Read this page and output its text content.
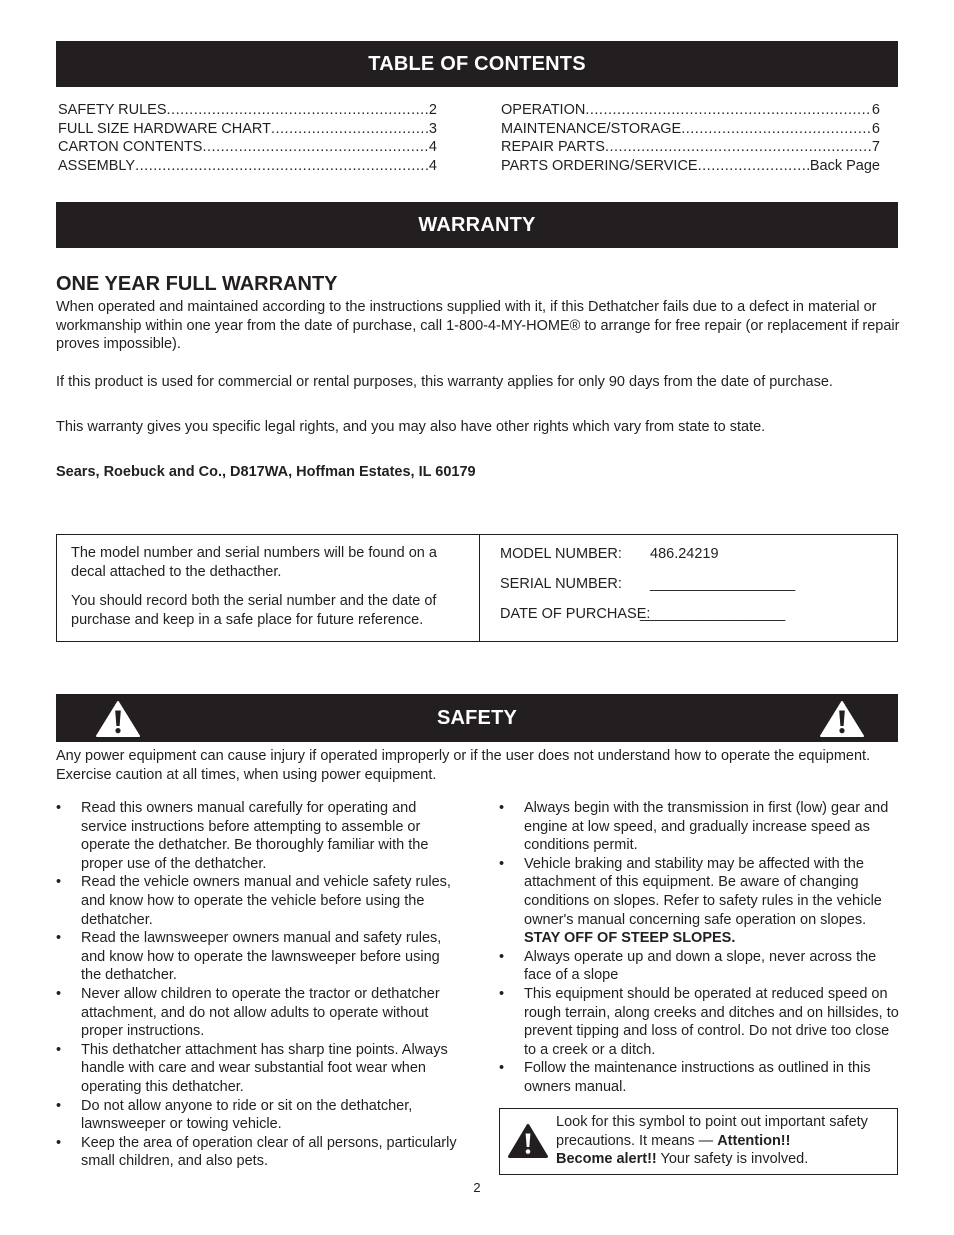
TABLE OF CONTENTS
SAFETY RULES .....	2
FULL SIZE HARDWARE CHART .....	3
CARTON CONTENTS .....	4
ASSEMBLY .....	4
OPERATION .....	6
MAINTENANCE/STORAGE .....	6
REPAIR PARTS .....	7
PARTS ORDERING/SERVICE .....	Back Page
WARRANTY
ONE YEAR FULL WARRANTY
When operated and maintained according to the instructions supplied with it, if this Dethatcher fails due to a defect in material or workmanship within one year from the date of purchase, call 1-800-4-MY-HOME® to arrange for free repair (or replacement if repair proves impossible).
If this product is used for commercial or rental purposes, this warranty applies for only 90 days from the date of purchase.
This warranty gives you specific legal rights, and you may also have other rights which vary from state to state.
Sears, Roebuck and Co., D817WA, Hoffman Estates, IL 60179

The model number and serial numbers will be found on a decal attached to the dethacther.

You should record both the serial number and the date of purchase and keep in a safe place for future reference.

MODEL NUMBER: 486.24219
SERIAL NUMBER: __________________
DATE OF PURCHASE:
__________________
SAFETY
Any power equipment can cause injury if operated improperly or if the user does not understand how to operate the equipment. Exercise caution at all times, when using power equipment.
• Read this owners manual carefully for operating and service instructions before attempting to assemble or operate the dethatcher. Be thoroughly familiar with the proper use of the dethatcher.
• Read the vehicle owners manual and vehicle safety rules, and know how to operate the vehicle before using the dethatcher.
• Read the lawnsweeper owners manual and safety rules, and know how to operate the lawnsweeper before using the dethatcher.
• Never allow children to operate the tractor or dethatcher attachment, and do not allow adults to operate without proper instructions.
• This dethatcher attachment has sharp tine points. Always handle with care and wear substantial foot wear when operating this dethatcher.
• Do not allow anyone to ride or sit on the dethatcher, lawnsweeper or towing vehicle.
• Keep the area of operation clear of all persons, particularly small children, and also pets.
• Always begin with the transmission in first (low) gear and engine at low speed, and gradually increase speed as conditions permit.
• Vehicle braking and stability may be affected with the attachment of this equipment. Be aware of changing conditions on slopes. Refer to safety rules in the vehicle owner's manual concerning safe operation on slopes. STAY OFF OF STEEP SLOPES.
• Always operate up and down a slope, never across the face of a slope
• This equipment should be operated at reduced speed on rough terrain, along creeks and ditches and on hillsides, to prevent tipping and loss of control. Do not drive too close to a creek or a ditch.
• Follow the maintenance instructions as outlined in this owners manual.
Look for this symbol to point out important safety precautions. It means — Attention!!
Become alert!! Your safety is involved.
2
